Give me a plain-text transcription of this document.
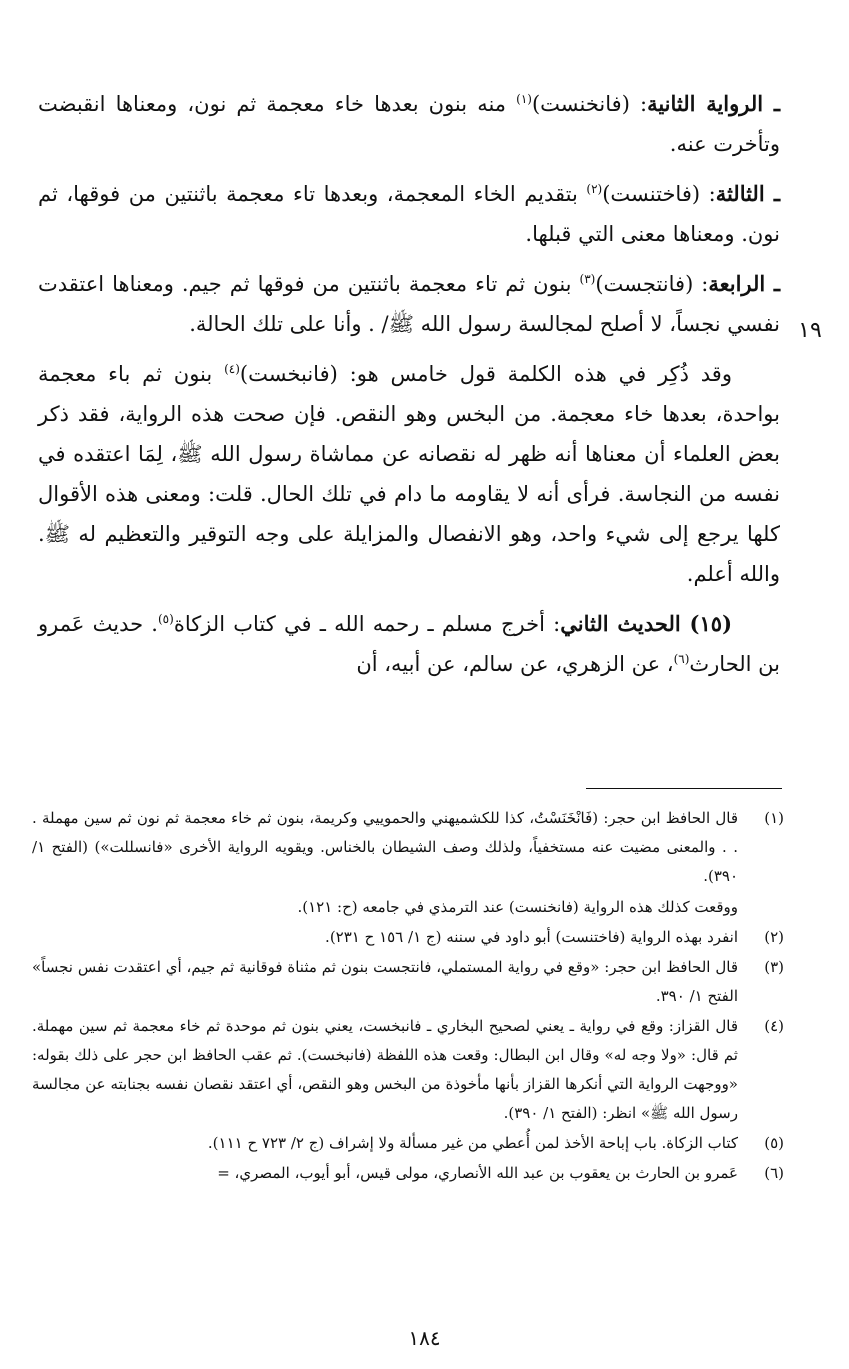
١٩

ـ الرواية الثانية: (فانخنست)$^{(١)}$ منه بنون بعدها خاء معجمة ثم نون، ومعناها انقبضت وتأخرت عنه.

ـ الثالثة: (فاختنست)$^{(٢)}$ بتقديم الخاء المعجمة، وبعدها تاء معجمة باثنتين من فوقها، ثم نون. ومعناها معنى التي قبلها.

ـ الرابعة: (فانتجست)$^{(٣)}$ بنون ثم تاء معجمة باثنتين من فوقها ثم جيم. ومعناها اعتقدت نفسي نجساً، لا أصلح لمجالسة رسول الله ﷺ/ . وأنا على تلك الحالة.

وقد ذُكِر في هذه الكلمة قول خامس هو: (فانبخست)$^{(٤)}$ بنون ثم باء معجمة بواحدة، بعدها خاء معجمة. من البخس وهو النقص. فإن صحت هذه الرواية، فقد ذكر بعض العلماء أن معناها أنه ظهر له نقصانه عن مماشاة رسول الله ﷺ، لِمَا اعتقده في نفسه من النجاسة. فرأى أنه لا يقاومه ما دام في تلك الحال. قلت: ومعنى هذه الأقوال كلها يرجع إلى شيء واحد، وهو الانفصال والمزايلة على وجه التوقير والتعظيم له ﷺ. والله أعلم.

(١٥) الحديث الثاني: أخرج مسلم ـ رحمه الله ـ في كتاب الزكاة$^{(٥)}$. حديث عَمرو بن الحارث$^{(٦)}$، عن الزهري، عن سالم، عن أبيه، أن

(١)
قال الحافظ ابن حجر: (فَانْخَنَسْتُ، كذا للكشميهني والحموييي وكريمة، بنون ثم خاء معجمة ثم نون ثم سين مهملة . . . والمعنى مضيت عنه مستخفياً، ولذلك وصف الشيطان بالخناس. ويقويه الرواية الأخرى «فانسللت») (الفتح ١/ ٣٩٠).
ووقعت كذلك هذه الرواية (فانخنست) عند الترمذي في جامعه (ح: ١٢١).
(٢)
انفرد بهذه الرواية (فاختنست) أبو داود في سننه (ج ١/ ١٥٦ ح ٢٣١).
(٣)
قال الحافظ ابن حجر: «وقع في رواية المستملي، فانتجست بنون ثم مثناة فوقانية ثم جيم، أي اعتقدت نفس نجساً» الفتح ١/ ٣٩٠.
(٤)
قال القزاز: وقع في رواية ـ يعني لصحيح البخاري ـ فانبخست، يعني بنون ثم موحدة ثم خاء معجمة ثم سين مهملة. ثم قال: «ولا وجه له» وقال ابن البطال: وقعت هذه اللفظة (فانبخست). ثم عقب الحافظ ابن حجر على ذلك بقوله: «ووجهت الرواية التي أنكرها القزاز بأنها مأخوذة من البخس وهو النقص، أي اعتقد نقصان نفسه بجنابته عن مجالسة رسول الله ﷺ» انظر: (الفتح ١/ ٣٩٠).
(٥)
كتاب الزكاة. باب إباحة الأخذ لمن أُعطي من غير مسألة ولا إشراف (ج ٢/ ٧٢٣ ح ١١١).
(٦)
عَمرو بن الحارث بن يعقوب بن عبد الله الأنصاري، مولى قيس، أبو أيوب، المصري، =
١٨٤
